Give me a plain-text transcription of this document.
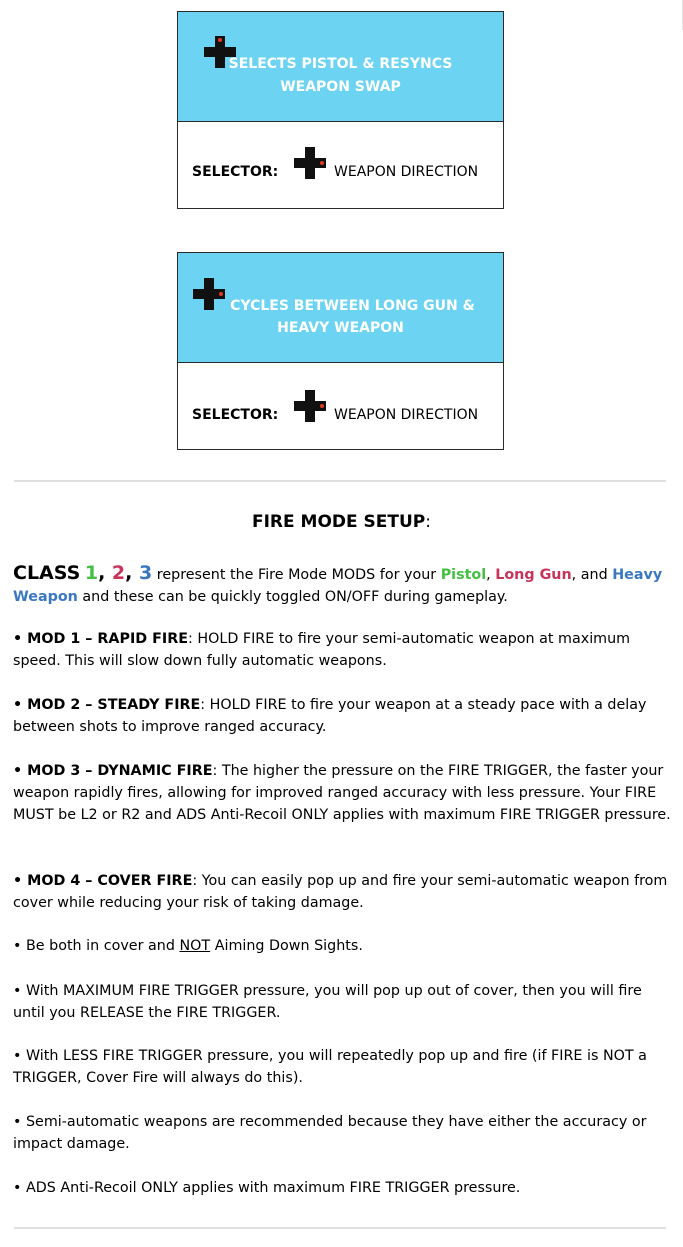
SELECTS PISTOL & RESYNCS
WEAPON SWAP
SELECTOR:	WEAPON DIRECTION
CYCLES BETWEEN LONG GUN &
HEAVY WEAPON
SELECTOR:	WEAPON DIRECTION
FIRE MODE SETUP:
CLASS 1, 2, 3 represent the Fire Mode MODS for your Pistol, Long Gun, and Heavy Weapon and these can be quickly toggled ON/OFF during gameplay.
• MOD 1 – RAPID FIRE: HOLD FIRE to fire your semi-automatic weapon at maximum speed. This will slow down fully automatic weapons.
• MOD 2 – STEADY FIRE: HOLD FIRE to fire your weapon at a steady pace with a delay between shots to improve ranged accuracy.
• MOD 3 – DYNAMIC FIRE: The higher the pressure on the FIRE TRIGGER, the faster your weapon rapidly fires, allowing for improved ranged accuracy with less pressure. Your FIRE MUST be L2 or R2 and ADS Anti-Recoil ONLY applies with maximum FIRE TRIGGER pressure.
• MOD 4 – COVER FIRE: You can easily pop up and fire your semi-automatic weapon from cover while reducing your risk of taking damage.
• Be both in cover and NOT Aiming Down Sights.
• With MAXIMUM FIRE TRIGGER pressure, you will pop up out of cover, then you will fire until you RELEASE the FIRE TRIGGER.
• With LESS FIRE TRIGGER pressure, you will repeatedly pop up and fire (if FIRE is NOT a TRIGGER, Cover Fire will always do this).
• Semi-automatic weapons are recommended because they have either the accuracy or impact damage.
• ADS Anti-Recoil ONLY applies with maximum FIRE TRIGGER pressure.
